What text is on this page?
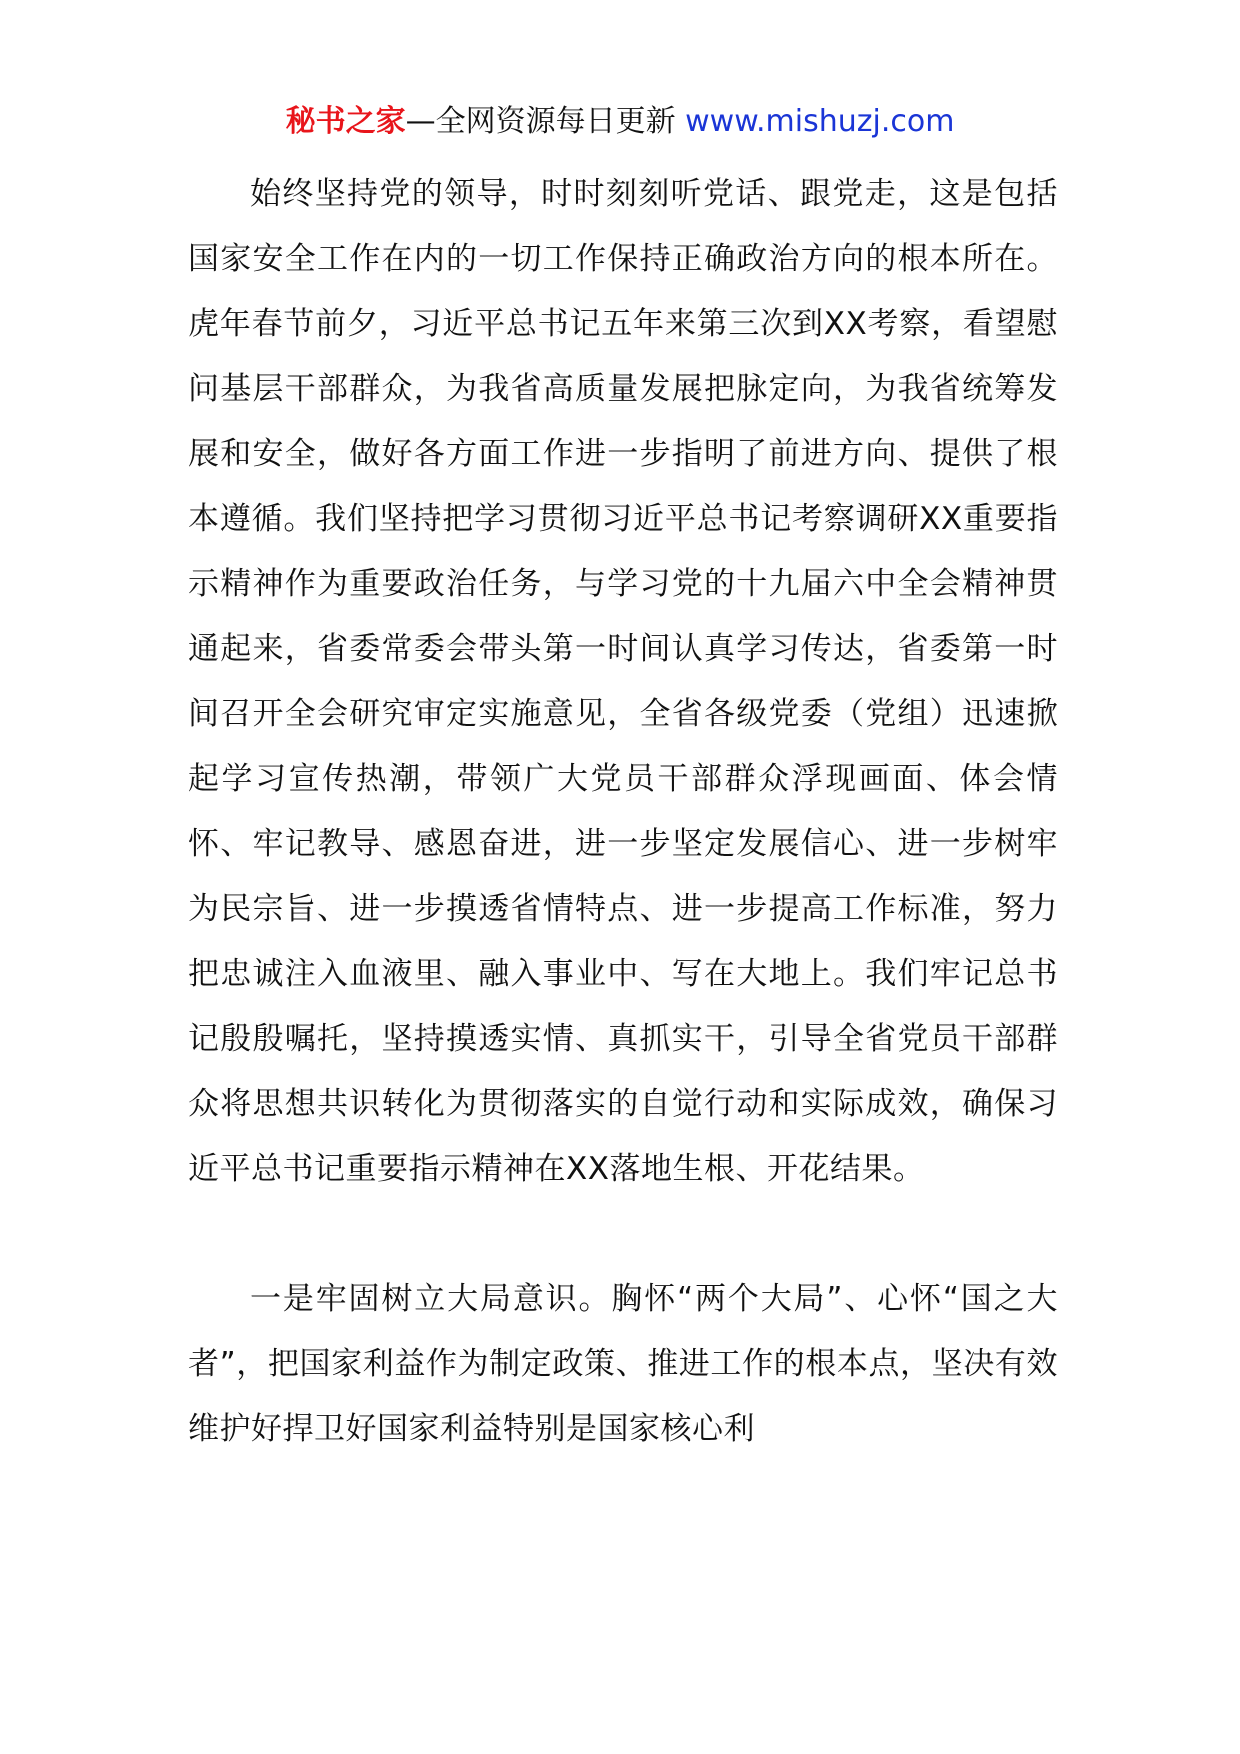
秘书之家—全网资源每日更新 www.mishuzj.com

始终坚持党的领导，时时刻刻听党话、跟党走，这是包括国家安全工作在内的一切工作保持正确政治方向的根本所在。虎年春节前夕，习近平总书记五年来第三次到XX考察，看望慰问基层干部群众，为我省高质量发展把脉定向，为我省统筹发展和安全，做好各方面工作进一步指明了前进方向、提供了根本遵循。我们坚持把学习贯彻习近平总书记考察调研XX重要指示精神作为重要政治任务，与学习党的十九届六中全会精神贯通起来，省委常委会带头第一时间认真学习传达，省委第一时间召开全会研究审定实施意见，全省各级党委（党组）迅速掀起学习宣传热潮，带领广大党员干部群众浮现画面、体会情怀、牢记教导、感恩奋进，进一步坚定发展信心、进一步树牢为民宗旨、进一步摸透省情特点、进一步提高工作标准，努力把忠诚注入血液里、融入事业中、写在大地上。我们牢记总书记殷殷嘱托，坚持摸透实情、真抓实干，引导全省党员干部群众将思想共识转化为贯彻落实的自觉行动和实际成效，确保习近平总书记重要指示精神在XX落地生根、开花结果。

一是牢固树立大局意识。胸怀“两个大局”、心怀“国之大者”，把国家利益作为制定政策、推进工作的根本点，坚决有效维护好捍卫好国家利益特别是国家核心利
